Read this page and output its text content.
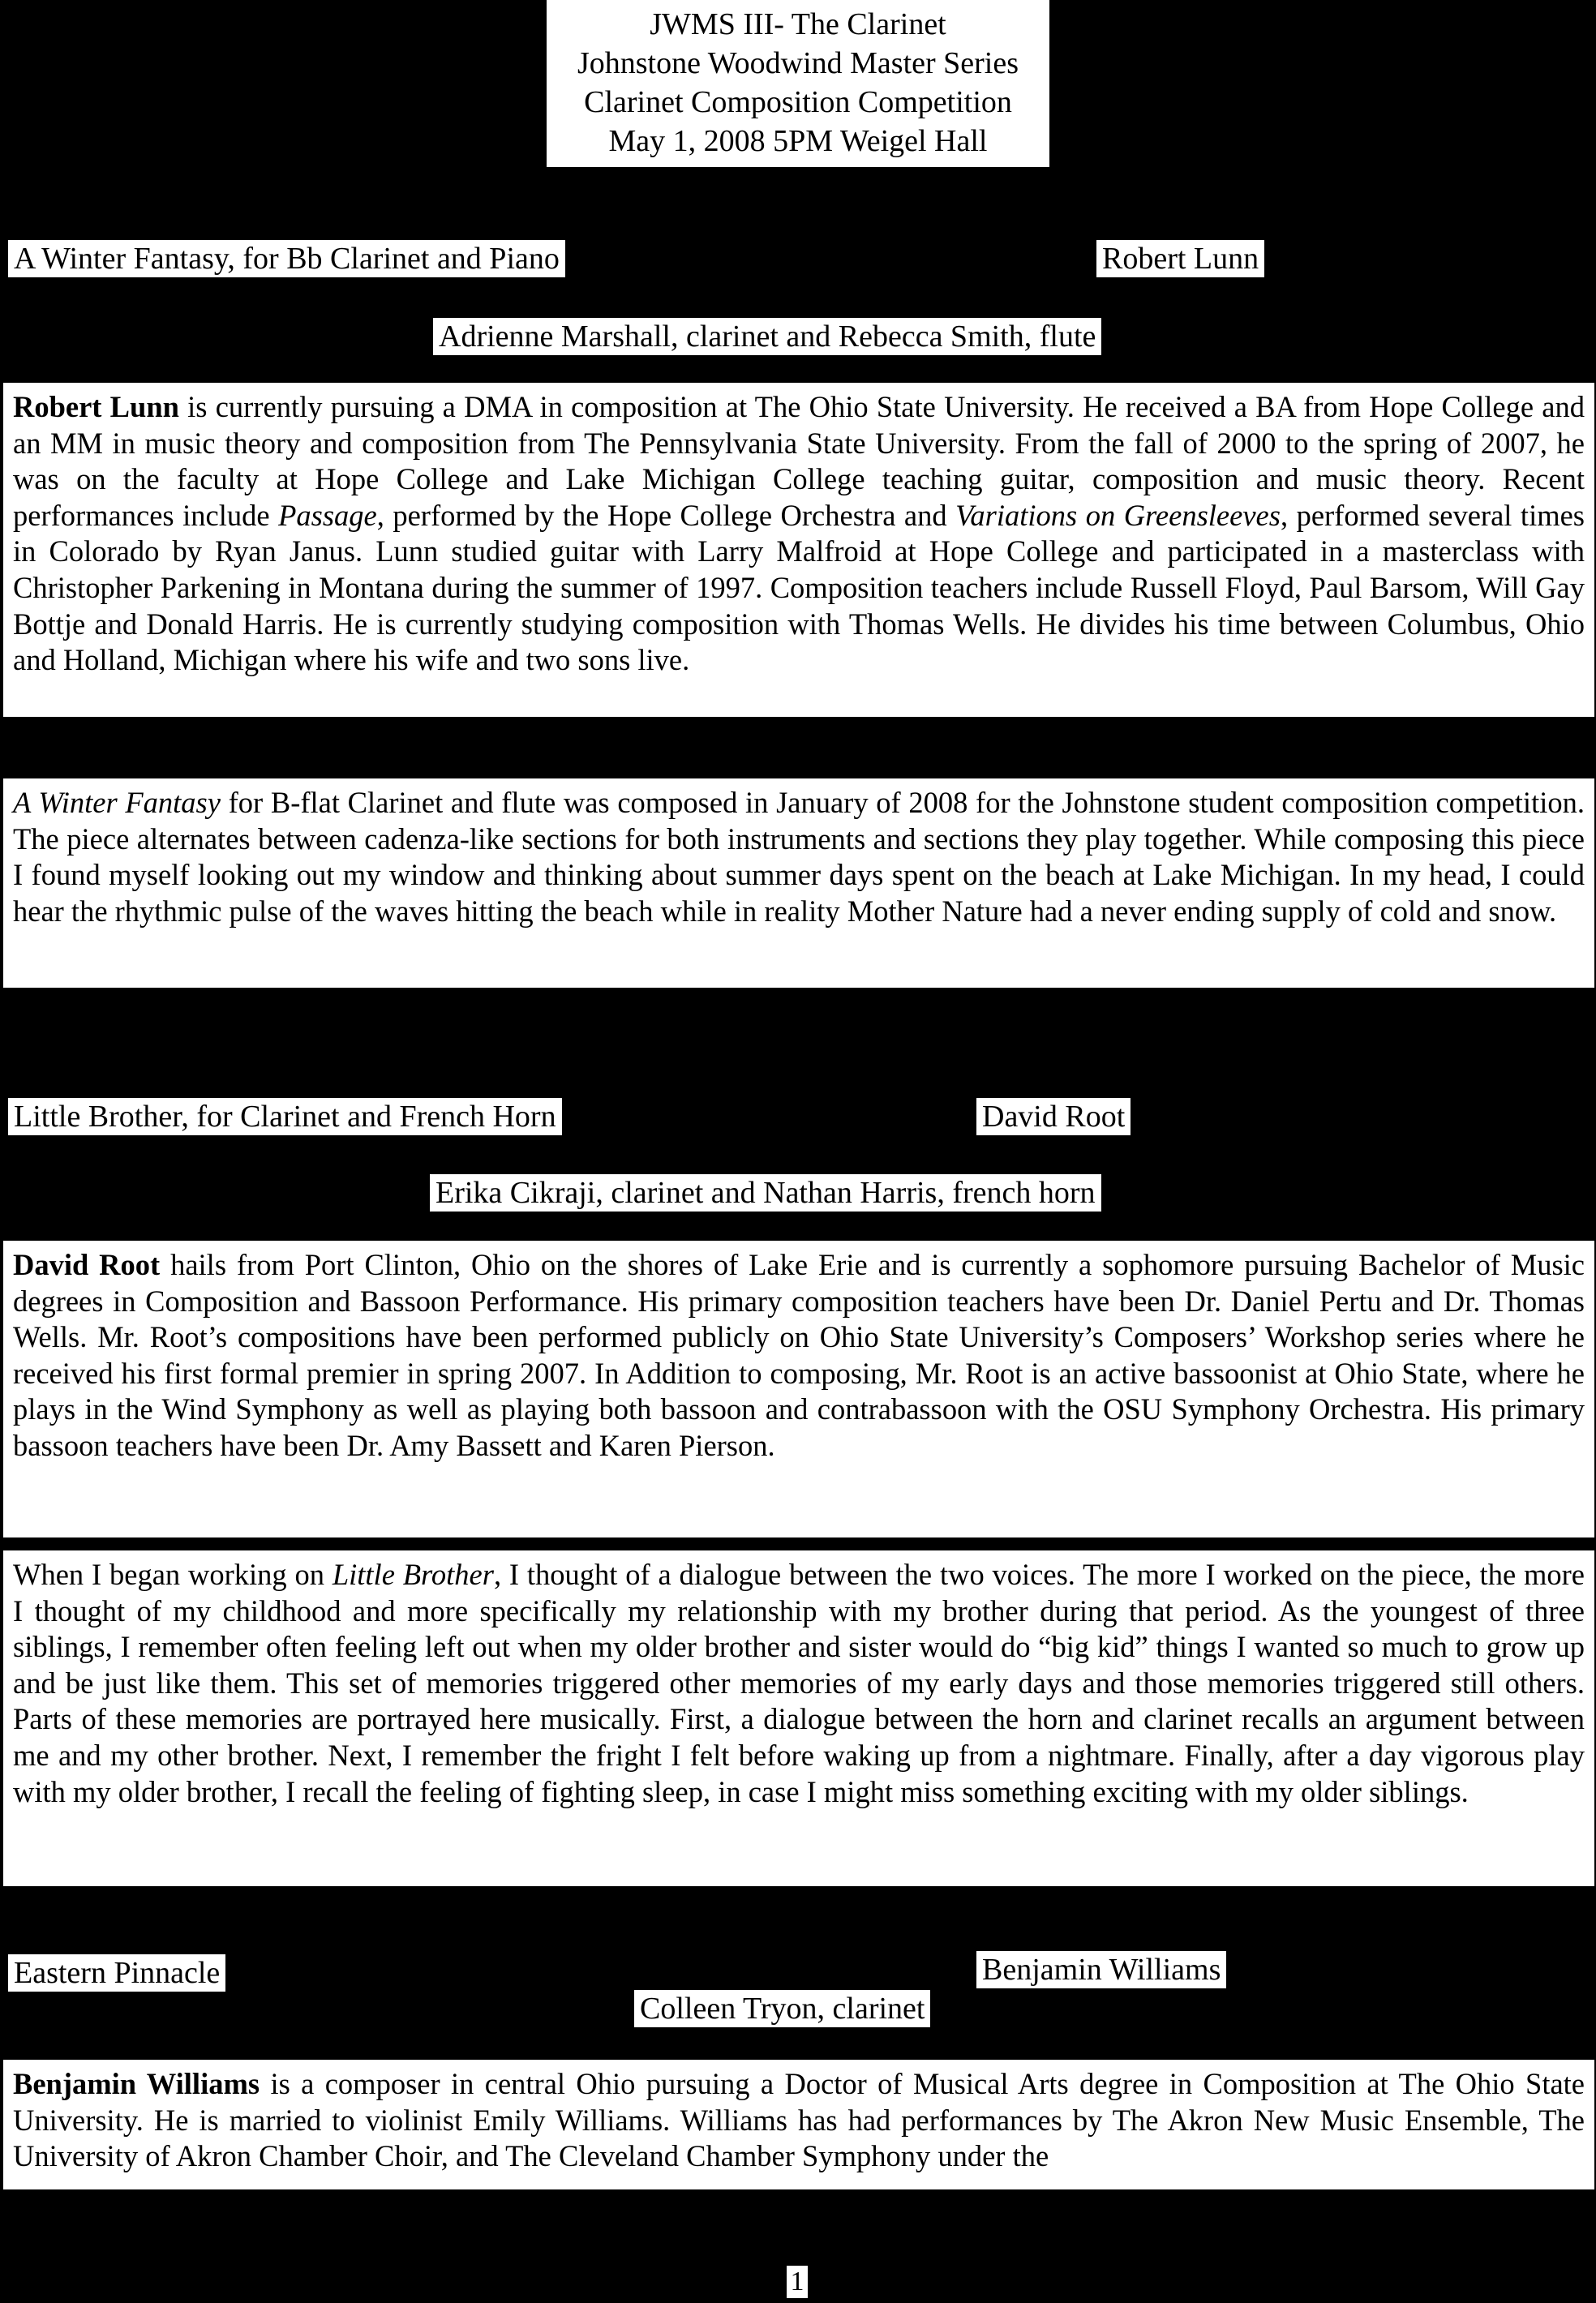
JWMS III- The Clarinet
Johnstone Woodwind Master Series
Clarinet Composition Competition
May 1, 2008 5PM Weigel Hall
A Winter Fantasy, for Bb Clarinet and Piano	Robert Lunn
Adrienne Marshall, clarinet and Rebecca Smith, flute
Robert Lunn is currently pursuing a DMA in composition at The Ohio State University. He received a BA from Hope College and an MM in music theory and composition from The Pennsylvania State University. From the fall of 2000 to the spring of 2007, he was on the faculty at Hope College and Lake Michigan College teaching guitar, composition and music theory. Recent performances include Passage, performed by the Hope College Orchestra and Variations on Greensleeves, performed several times in Colorado by Ryan Janus. Lunn studied guitar with Larry Malfroid at Hope College and participated in a masterclass with Christopher Parkening in Montana during the summer of 1997. Composition teachers include Russell Floyd, Paul Barsom, Will Gay Bottje and Donald Harris. He is currently studying composition with Thomas Wells. He divides his time between Columbus, Ohio and Holland, Michigan where his wife and two sons live.
A Winter Fantasy for B-flat Clarinet and flute was composed in January of 2008 for the Johnstone student composition competition. The piece alternates between cadenza-like sections for both instruments and sections they play together. While composing this piece I found myself looking out my window and thinking about summer days spent on the beach at Lake Michigan. In my head, I could hear the rhythmic pulse of the waves hitting the beach while in reality Mother Nature had a never ending supply of cold and snow.
Little Brother, for Clarinet and French Horn	David Root
Erika Cikraji, clarinet and Nathan Harris, french horn
David Root hails from Port Clinton, Ohio on the shores of Lake Erie and is currently a sophomore pursuing Bachelor of Music degrees in Composition and Bassoon Performance. His primary composition teachers have been Dr. Daniel Pertu and Dr. Thomas Wells. Mr. Root’s compositions have been performed publicly on Ohio State University’s Composers’ Workshop series where he received his first formal premier in spring 2007. In Addition to composing, Mr. Root is an active bassoonist at Ohio State, where he plays in the Wind Symphony as well as playing both bassoon and contrabassoon with the OSU Symphony Orchestra. His primary bassoon teachers have been Dr. Amy Bassett and Karen Pierson.
When I began working on Little Brother, I thought of a dialogue between the two voices. The more I worked on the piece, the more I thought of my childhood and more specifically my relationship with my brother during that period. As the youngest of three siblings, I remember often feeling left out when my older brother and sister would do “big kid” things I wanted so much to grow up and be just like them. This set of memories triggered other memories of my early days and those memories triggered still others. Parts of these memories are portrayed here musically. First, a dialogue between the horn and clarinet recalls an argument between me and my other brother. Next, I remember the fright I felt before waking up from a nightmare. Finally, after a day vigorous play with my older brother, I recall the feeling of fighting sleep, in case I might miss something exciting with my older siblings.
Eastern Pinnacle	Benjamin Williams
Colleen Tryon, clarinet
Benjamin Williams is a composer in central Ohio pursuing a Doctor of Musical Arts degree in Composition at The Ohio State University. He is married to violinist Emily Williams. Williams has had performances by The Akron New Music Ensemble, The University of Akron Chamber Choir, and The Cleveland Chamber Symphony under the
1
